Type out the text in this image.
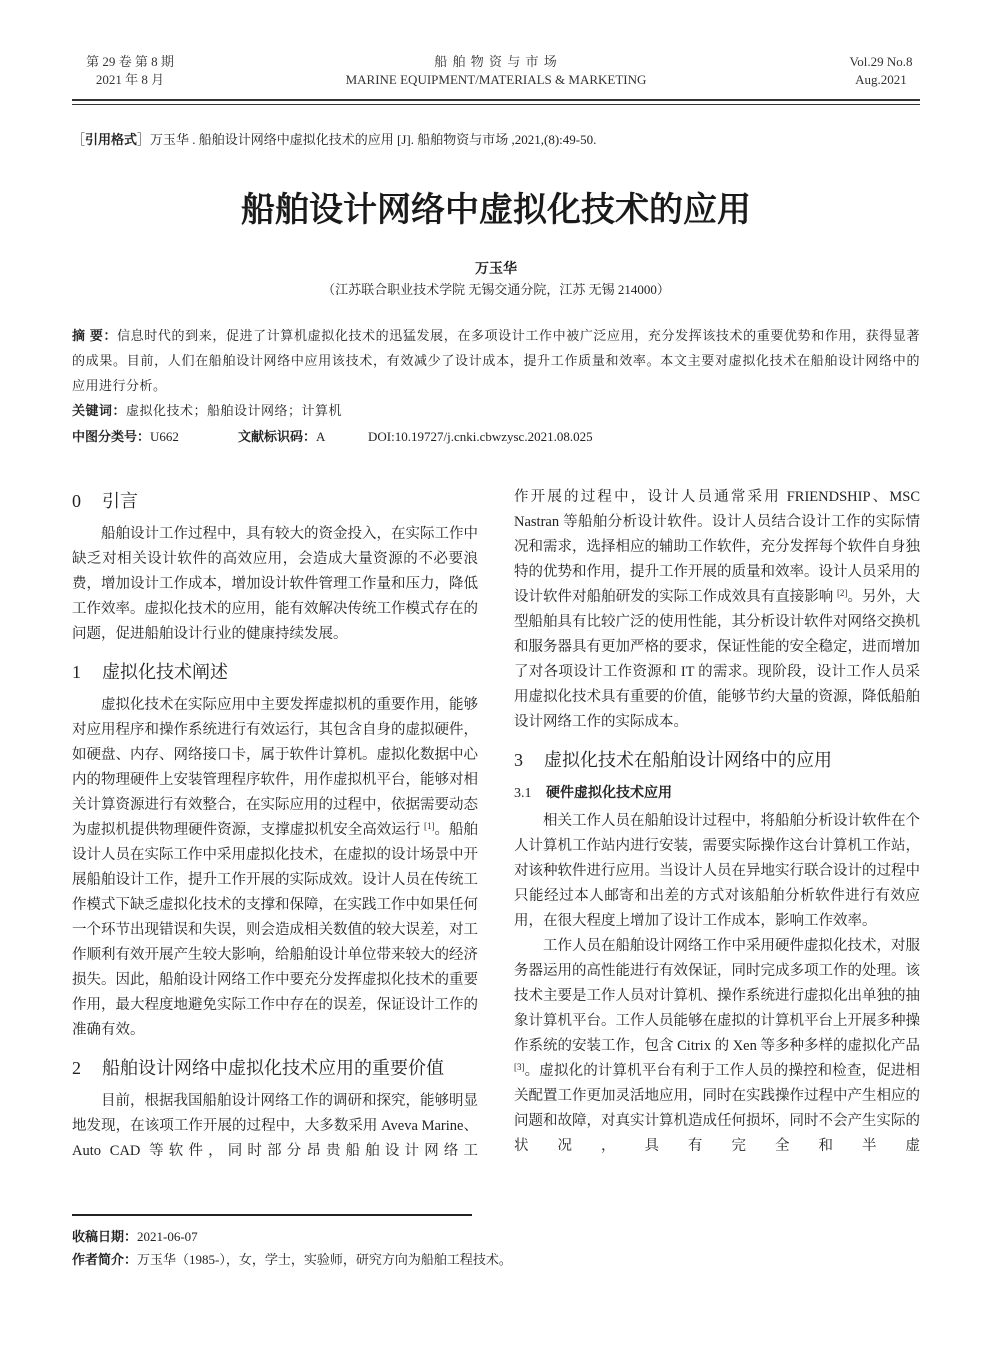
第 29 卷 第 8 期
2021 年 8 月
船 舶 物 资 与 市 场
MARINE EQUIPMENT/MATERIALS & MARKETING
Vol.29 No.8
Aug.2021
［引用格式］万玉华 . 船舶设计网络中虚拟化技术的应用 [J]. 船舶物资与市场 ,2021,(8):49-50.
船舶设计网络中虚拟化技术的应用
万玉华
（江苏联合职业技术学院 无锡交通分院，江苏 无锡 214000）
摘 要：信息时代的到来，促进了计算机虚拟化技术的迅猛发展，在多项设计工作中被广泛应用，充分发挥该技术的重要优势和作用，获得显著的成果。目前，人们在船舶设计网络中应用该技术，有效减少了设计成本，提升工作质量和效率。本文主要对虚拟化技术在船舶设计网络中的应用进行分析。
关键词：虚拟化技术；船舶设计网络；计算机
中图分类号：U662	文献标识码：A	DOI:10.19727/j.cnki.cbwzysc.2021.08.025
0 引言

船舶设计工作过程中，具有较大的资金投入，在实际工作中缺乏对相关设计软件的高效应用，会造成大量资源的不必要浪费，增加设计工作成本，增加设计软件管理工作量和压力，降低工作效率。虚拟化技术的应用，能有效解决传统工作模式存在的问题，促进船舶设计行业的健康持续发展。

1 虚拟化技术阐述

虚拟化技术在实际应用中主要发挥虚拟机的重要作用，能够对应用程序和操作系统进行有效运行，其包含自身的虚拟硬件，如硬盘、内存、网络接口卡，属于软件计算机。虚拟化数据中心内的物理硬件上安装管理程序软件，用作虚拟机平台，能够对相关计算资源进行有效整合，在实际应用的过程中，依据需要动态为虚拟机提供物理硬件资源，支撑虚拟机安全高效运行 [1]。船舶设计人员在实际工作中采用虚拟化技术，在虚拟的设计场景中开展船舶设计工作，提升工作开展的实际成效。设计人员在传统工作模式下缺乏虚拟化技术的支撑和保障，在实践工作中如果任何一个环节出现错误和失误，则会造成相关数值的较大误差，对工作顺利有效开展产生较大影响，给船舶设计单位带来较大的经济损失。因此，船舶设计网络工作中要充分发挥虚拟化技术的重要作用，最大程度地避免实际工作中存在的误差，保证设计工作的准确有效。

2 船舶设计网络中虚拟化技术应用的重要价值

目前，根据我国船舶设计网络工作的调研和探究，能够明显地发现，在该项工作开展的过程中，大多数采用 Aveva Marine、Auto CAD 等软件，同时部分昂贵船舶设计网络工

作开展的过程中，设计人员通常采用 FRIENDSHIP、MSC Nastran 等船舶分析设计软件。设计人员结合设计工作的实际情况和需求，选择相应的辅助工作软件，充分发挥每个软件自身独特的优势和作用，提升工作开展的质量和效率。设计人员采用的设计软件对船舶研发的实际工作成效具有直接影响 [2]。另外，大型船舶具有比较广泛的使用性能，其分析设计软件对网络交换机和服务器具有更加严格的要求，保证性能的安全稳定，进而增加了对各项设计工作资源和 IT 的需求。现阶段，设计工作人员采用虚拟化技术具有重要的价值，能够节约大量的资源，降低船舶设计网络工作的实际成本。

3 虚拟化技术在船舶设计网络中的应用
3.1 硬件虚拟化技术应用

相关工作人员在船舶设计过程中，将船舶分析设计软件在个人计算机工作站内进行安装，需要实际操作这台计算机工作站，对该种软件进行应用。当设计人员在异地实行联合设计的过程中只能经过本人邮寄和出差的方式对该船舶分析软件进行有效应用，在很大程度上增加了设计工作成本，影响工作效率。

工作人员在船舶设计网络工作中采用硬件虚拟化技术，对服务器运用的高性能进行有效保证，同时完成多项工作的处理。该技术主要是工作人员对计算机、操作系统进行虚拟化出单独的抽象计算机平台。工作人员能够在虚拟的计算机平台上开展多种操作系统的安装工作，包含 Citrix 的 Xen 等多种多样的虚拟化产品 [3]。虚拟化的计算机平台有利于工作人员的操控和检查，促进相关配置工作更加灵活地应用，同时在实践操作过程中产生相应的问题和故障，对真实计算机造成任何损坏，同时不会产生实际的状况，具有完全和半虚

收稿日期：2021-06-07
作者简介：万玉华（1985-），女，学士，实验师，研究方向为船舶工程技术。
